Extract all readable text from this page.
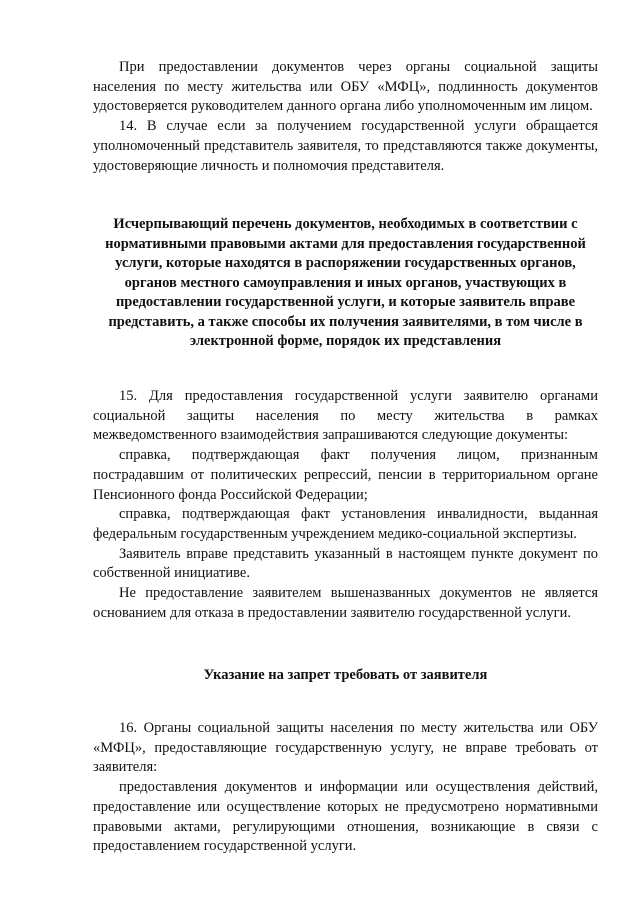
При предоставлении документов через органы социальной защиты населения по месту жительства или ОБУ «МФЦ», подлинность документов удостоверяется руководителем данного органа либо уполномоченным им лицом.

14. В случае если за получением государственной услуги обращается уполномоченный представитель заявителя, то представляются также документы, удостоверяющие личность и полномочия представителя.

Исчерпывающий перечень документов, необходимых в соответствии с нормативными правовыми актами для предоставления государственной услуги, которые находятся в распоряжении государственных органов, органов местного самоуправления и иных органов, участвующих в предоставлении государственной услуги, и которые заявитель вправе представить, а также способы их получения заявителями, в том числе в электронной форме, порядок их представления

15. Для предоставления государственной услуги заявителю органами социальной защиты населения по месту жительства в рамках межведомственного взаимодействия запрашиваются следующие документы:

справка, подтверждающая факт получения лицом, признанным пострадавшим от политических репрессий, пенсии в территориальном органе Пенсионного фонда Российской Федерации;

справка, подтверждающая факт установления инвалидности, выданная федеральным государственным учреждением медико-социальной экспертизы.

Заявитель вправе представить указанный в настоящем пункте документ по собственной инициативе.

Не предоставление заявителем вышеназванных документов не является основанием для отказа в предоставлении заявителю государственной услуги.

Указание на запрет требовать от заявителя

16. Органы социальной защиты населения по месту жительства или ОБУ «МФЦ», предоставляющие государственную услугу, не вправе требовать от заявителя:

предоставления документов и информации или осуществления действий, предоставление или осуществление которых не предусмотрено нормативными правовыми актами, регулирующими отношения, возникающие в связи с предоставлением государственной услуги.
